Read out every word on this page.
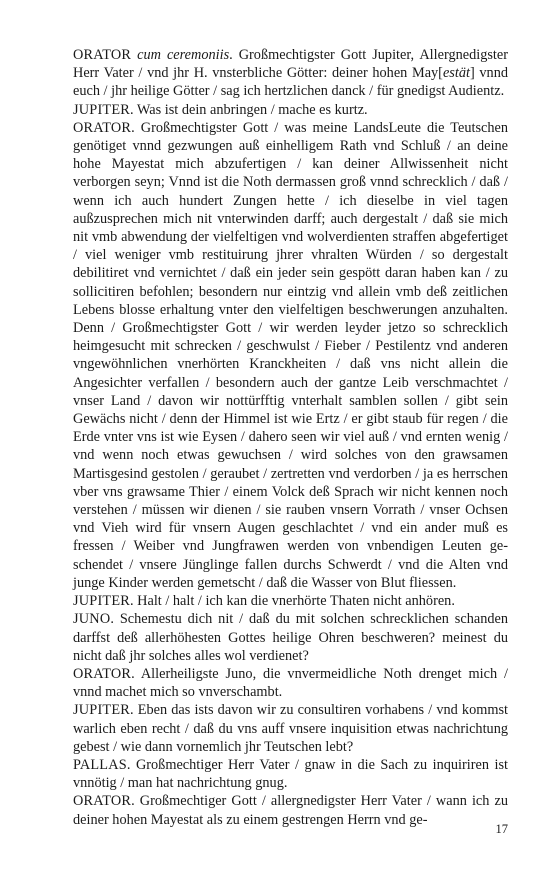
ORATOR cum ceremoniis. Großmechtigster Gott Jupiter, Allergnedigster Herr Vater / vnd jhr H. vnsterbliche Götter: deiner hohen May[estät] vnnd euch / jhr heilige Götter / sag ich hertzlichen danck / für gnedigst Audientz.

JUPITER. Was ist dein anbringen / mache es kurtz.

ORATOR. Großmechtigster Gott / was meine LandsLeute die Teutschen genötiget vnnd gezwungen auß einhelligem Rath vnd Schluß / an deine hohe Mayestat mich abzufertigen / kan deiner Allwissenheit nicht verborgen seyn; Vnnd ist die Noth dermassen groß vnnd schrecklich / daß / wenn ich auch hundert Zungen hette / ich dieselbe in viel tagen außzusprechen mich nit vnterwinden darff; auch dergestalt / daß sie mich nit vmb abwendung der vielfeltigen vnd wolverdienten straffen abgefertiget / viel weniger vmb restituirung jhrer vhralten Würden / so dergestalt debilitiret vnd vernichtet / daß ein jeder sein gespött daran haben kan / zu sollicitiren befohlen; besondern nur eintzig vnd allein vmb deß zeitlichen Lebens blosse erhaltung vnter den vielfeltigen beschwerungen anzuhalten. Denn / Großmechtigster Gott / wir werden leyder jetzo so schrecklich heimgesucht mit schrecken / geschwulst / Fieber / Pestilentz vnd anderen vngewöhnlichen vnerhörten Kranckheiten / daß vns nicht allein die Angesichter verfallen / besondern auch der gantze Leib verschmachtet / vnser Land / davon wir nottürfftig vnterhalt samblen sollen / gibt sein Gewächs nicht / denn der Himmel ist wie Ertz / er gibt staub für regen / die Erde vnter vns ist wie Eysen / dahero seen wir viel auß / vnd ernten wenig / vnd wenn noch etwas gewuchsen / wird solches von den grawsamen Martisgesind gestolen / geraubet / zertretten vnd verdorben / ja es herrschen vber vns grawsame Thier / einem Volck deß Sprach wir nicht kennen noch verstehen / müssen wir dienen / sie rauben vnsern Vorrath / vnser Ochsen vnd Vieh wird für vnsern Augen geschlachtet / vnd ein ander muß es fressen / Weiber vnd Jungfrawen werden von vnbendigen Leuten geschendet / vnsere Jünglinge fallen durchs Schwerdt / vnd die Alten vnd junge Kinder werden gemetscht / daß die Wasser von Blut fliessen.

JUPITER. Halt / halt / ich kan die vnerhörte Thaten nicht anhören.

JUNO. Schemestu dich nit / daß du mit solchen schrecklichen schanden darffst deß allerhöhesten Gottes heilige Ohren beschweren? meinest du nicht daß jhr solches alles wol verdienet?

ORATOR. Allerheiligste Juno, die vnvermeidliche Noth drenget mich / vnnd machet mich so vnverschambt.

JUPITER. Eben das ists davon wir zu consultiren vorhabens / vnd kommst warlich eben recht / daß du vns auff vnsere inquisition etwas nachrichtung gebest / wie dann vornemlich jhr Teutschen lebt?

PALLAS. Großmechtiger Herr Vater / gnaw in die Sach zu inquiriren ist vnnötig / man hat nachrichtung gnug.

ORATOR. Großmechtiger Gott / allergnedigster Herr Vater / wann ich zu deiner hohen Mayestat als zu einem gestrengen Herrn vnd ge-

17
